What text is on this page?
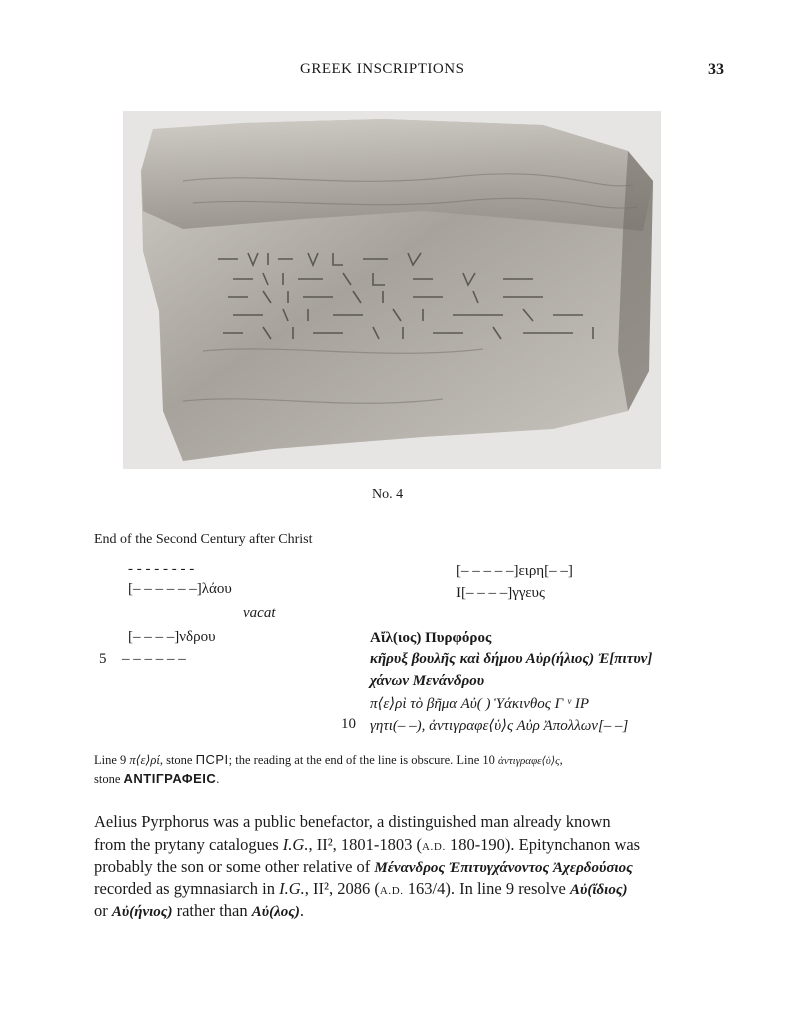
GREEK INSCRIPTIONS	33
No. 4
End of the Second Century after Christ
- - - - - - - -
[– – – – – –]λάου
vacat
[– – – –]νδρου
5 – – – – – –
[– – – – –]ειρη[– –]
I[– – – –]γγευς
Αἴλ(ιος) Πυρφόρος
κῆρυξ βουλῆς καὶ δήμου Αὐρ(ήλιος) Ἐ[πιτυν]
χάνων Μενάνδρου
π⟨ε⟩ρὶ τὸ βῆμα Αὐ( ) Ὑάκινθος Γ ᵛ ΙΡ
10 γητι(– –), ἀντιγραφε⟨ὑ⟩ς Αὐρ Ἀπολλων[– –]
Line 9 π⟨ε⟩ρί, stone ΠCΡΙ; the reading at the end of the line is obscure. Line 10 ἀντιγραφε⟨ὑ⟩ς,
stone ΑΝΤΙΓΡΑΦΕΙC.
Aelius Pyrphorus was a public benefactor, a distinguished man already known
from the prytany catalogues I.G., II², 1801-1803 (A.D. 180-190). Epitynchanon was
probably the son or some other relative of Μένανδρος Ἐπιτυγχάνοντος Ἀχερδούσιος
recorded as gymnasiarch in I.G., II², 2086 (A.D. 163/4). In line 9 resolve Αὐ(ἴδιος)
or Αὐ(ήνιος) rather than Αὐ(λος).
